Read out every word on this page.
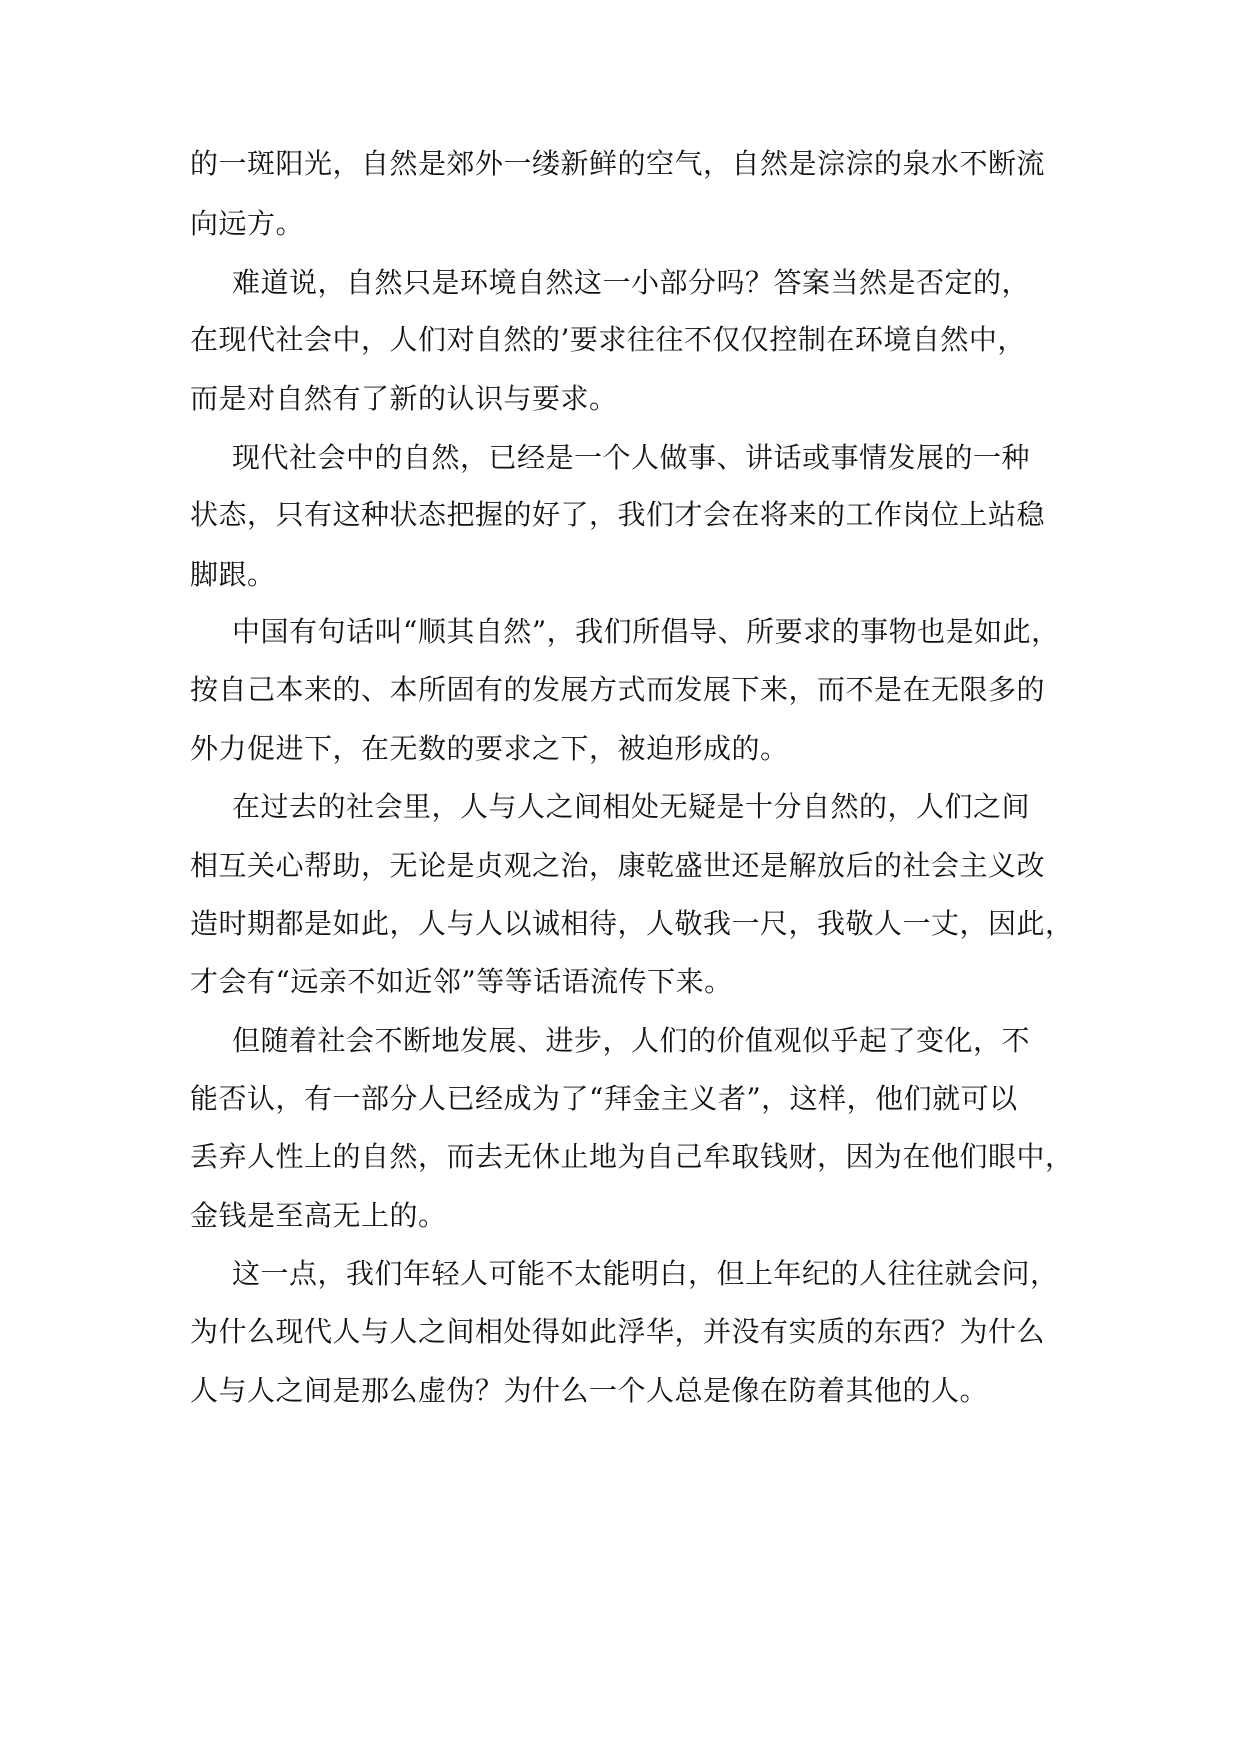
的一斑阳光，自然是郊外一缕新鲜的空气，自然是淙淙的泉水不断流
向远方。
难道说，自然只是环境自然这一小部分吗？答案当然是否定的，
在现代社会中，人们对自然的’要求往往不仅仅控制在环境自然中，
而是对自然有了新的认识与要求。
现代社会中的自然，已经是一个人做事、讲话或事情发展的一种
状态，只有这种状态把握的好了，我们才会在将来的工作岗位上站稳
脚跟。
中国有句话叫“顺其自然”，我们所倡导、所要求的事物也是如此，
按自己本来的、本所固有的发展方式而发展下来，而不是在无限多的
外力促进下，在无数的要求之下，被迫形成的。
在过去的社会里，人与人之间相处无疑是十分自然的，人们之间
相互关心帮助，无论是贞观之治，康乾盛世还是解放后的社会主义改
造时期都是如此，人与人以诚相待，人敬我一尺，我敬人一丈，因此，
才会有“远亲不如近邻”等等话语流传下来。
但随着社会不断地发展、进步，人们的价值观似乎起了变化，不
能否认，有一部分人已经成为了“拜金主义者”，这样，他们就可以
丢弃人性上的自然，而去无休止地为自己牟取钱财，因为在他们眼中，
金钱是至高无上的。
这一点，我们年轻人可能不太能明白，但上年纪的人往往就会问，
为什么现代人与人之间相处得如此浮华，并没有实质的东西？为什么
人与人之间是那么虚伪？为什么一个人总是像在防着其他的人。
